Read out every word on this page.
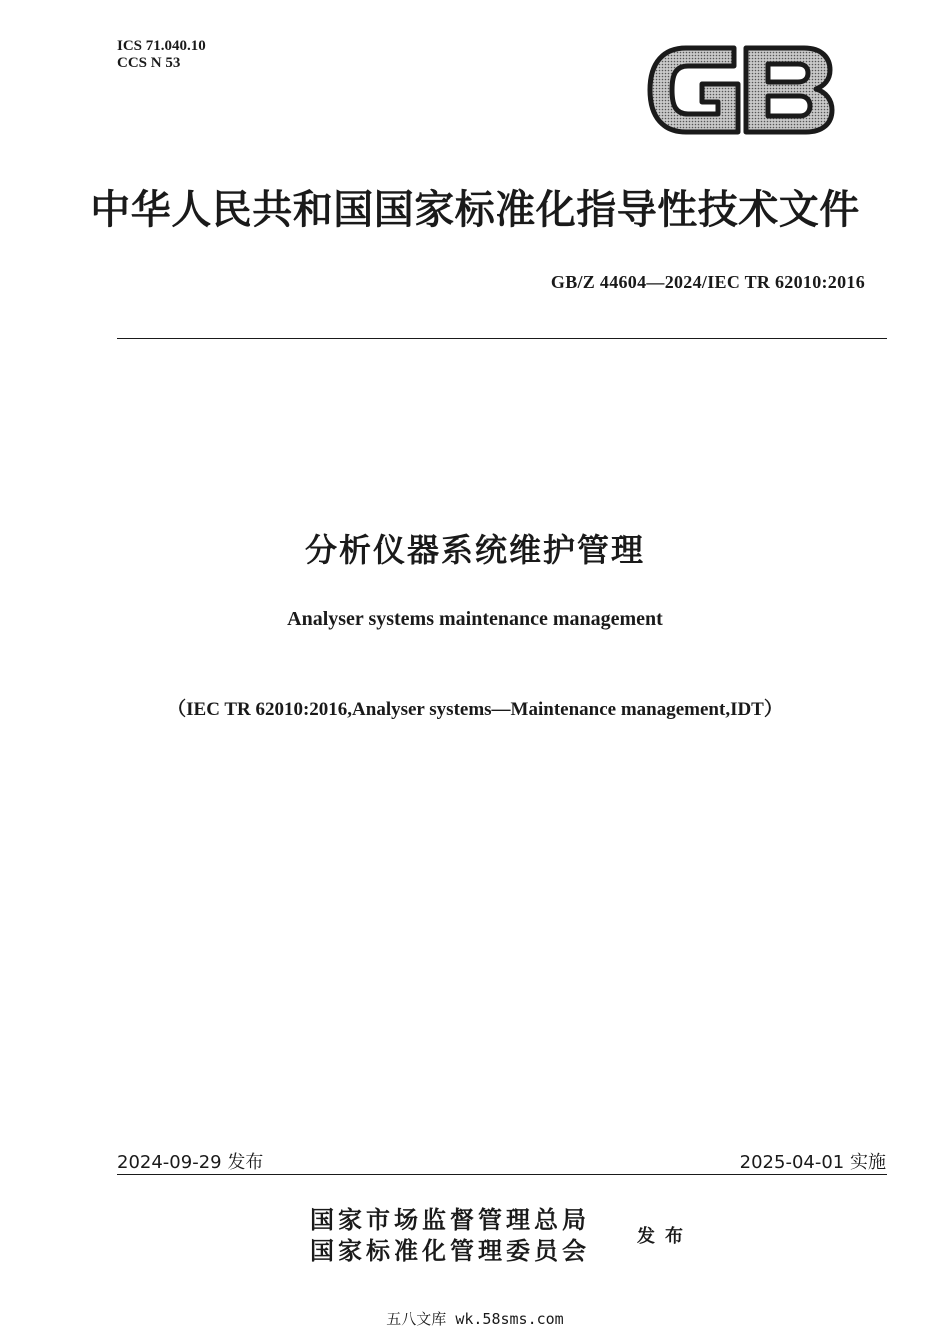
ICS 71.040.10
CCS N 53
中华人民共和国国家标准化指导性技术文件
GB/Z 44604—2024/IEC TR 62010:2016
分析仪器系统维护管理
Analyser systems maintenance management
（IEC TR 62010:2016,Analyser systems—Maintenance management,IDT）
2024-09-29 发布	2025-04-01 实施
国家市场监督管理总局
国家标准化管理委员会	发布
五八文库 wk.58sms.com
